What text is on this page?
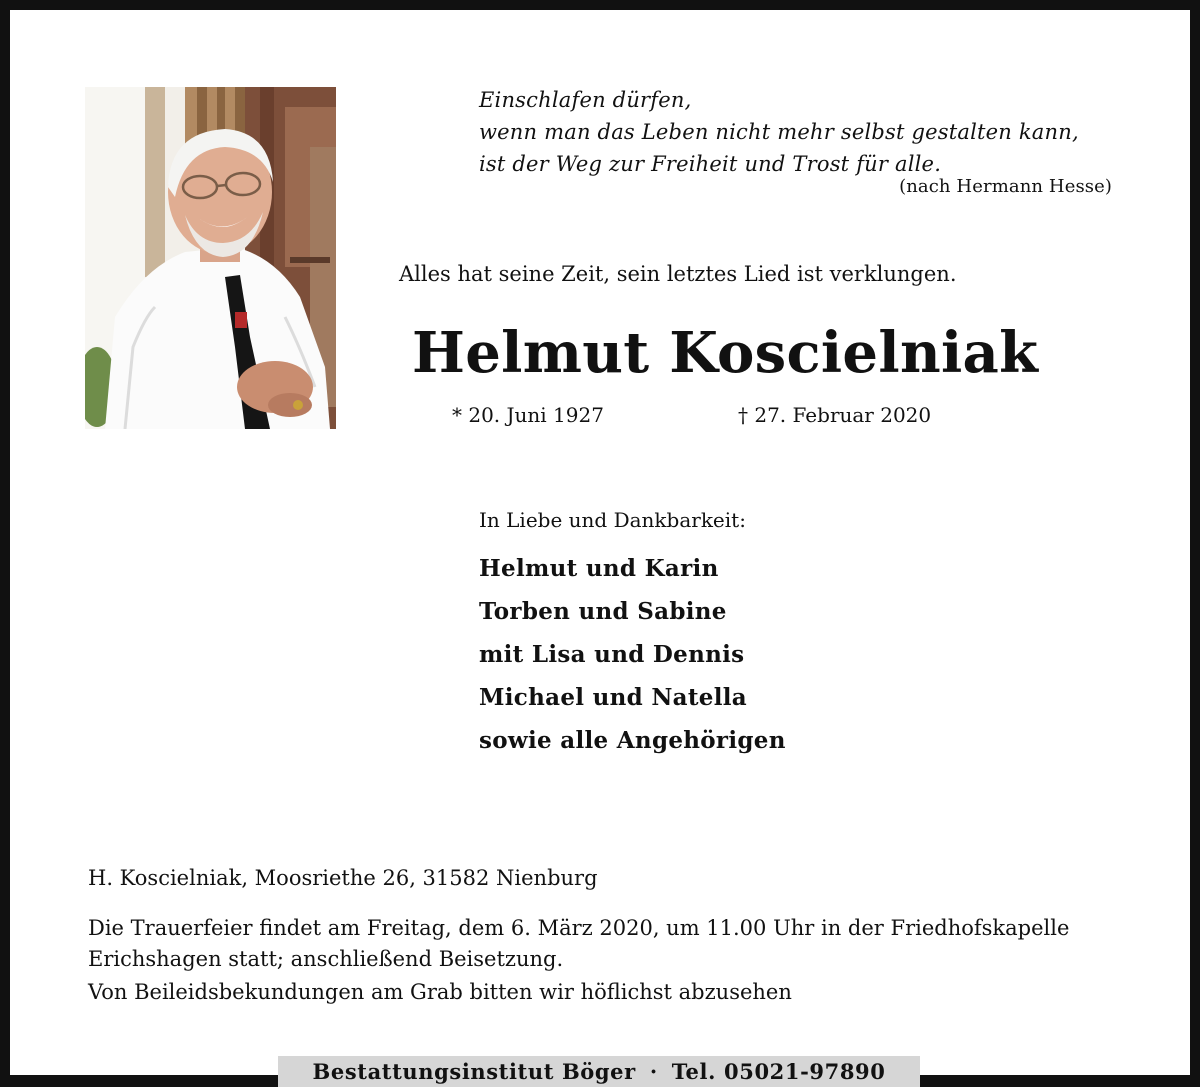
Einschlafen dürfen,
wenn man das Leben nicht mehr selbst gestalten kann,
ist der Weg zur Freiheit und Trost für alle.
(nach Hermann Hesse)
Alles hat seine Zeit, sein letztes Lied ist verklungen.
Helmut Koscielniak
* 20. Juni 1927	† 27. Februar 2020
In Liebe und Dankbarkeit:
Helmut und Karin
Torben und Sabine
mit Lisa und Dennis
Michael und Natella
sowie alle Angehörigen
H. Koscielniak, Moosriethe 26, 31582 Nienburg
Die Trauerfeier findet am Freitag, dem 6. März 2020, um 11.00 Uhr in der Friedhofskapelle Erichshagen statt; anschließend Beisetzung.
Von Beileidsbekundungen am Grab bitten wir höflichst abzusehen
Bestattungsinstitut Böger · Tel. 05021-97890
